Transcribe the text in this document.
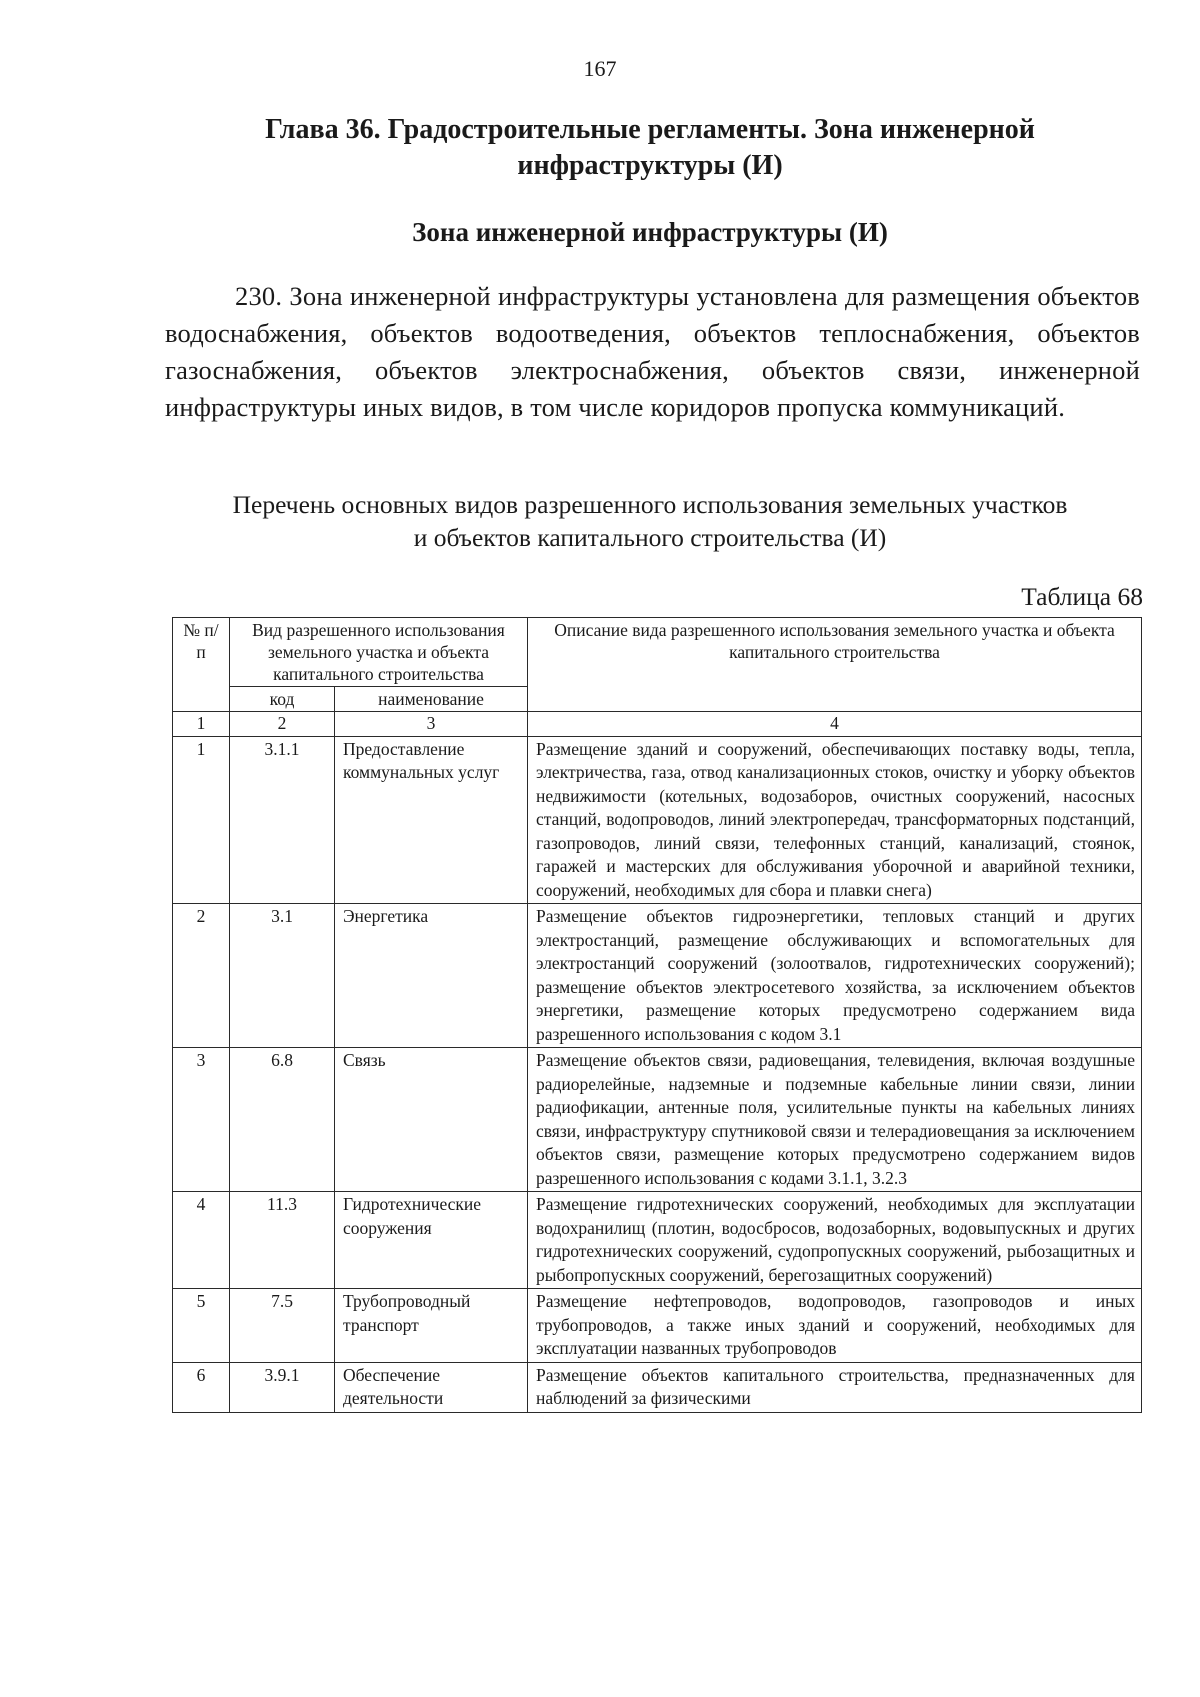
167
Глава 36. Градостроительные регламенты. Зона инженерной инфраструктуры (И)
Зона инженерной инфраструктуры (И)
230. Зона инженерной инфраструктуры установлена для размещения объектов водоснабжения, объектов водоотведения, объектов теплоснабжения, объектов газоснабжения, объектов электроснабжения, объектов связи, инженерной инфраструктуры иных видов, в том числе коридоров пропуска коммуникаций.
Перечень основных видов разрешенного использования земельных участков
и объектов капитального строительства (И)
Таблица 68
№ п/п	Вид разрешенного использования земельного участка и объекта капитального строительства		Описание вида разрешенного использования земельного участка и объекта капитального строительства
	код	наименование	
1	2	3	4
1	3.1.1	Предоставление коммунальных услуг	Размещение зданий и сооружений, обеспечивающих поставку воды, тепла, электричества, газа, отвод канализационных стоков, очистку и уборку объектов недвижимости (котельных, водозаборов, очистных сооружений, насосных станций, водопроводов, линий электропередач, трансформаторных подстанций, газопроводов, линий связи, телефонных станций, канализаций, стоянок, гаражей и мастерских для обслуживания уборочной и аварийной техники, сооружений, необходимых для сбора и плавки снега)
2	3.1	Энергетика	Размещение объектов гидроэнергетики, тепловых станций и других электростанций, размещение обслуживающих и вспомогательных для электростанций сооружений (золоотвалов, гидротехнических сооружений); размещение объектов электросетевого хозяйства, за исключением объектов энергетики, размещение которых предусмотрено содержанием вида разрешенного использования с кодом 3.1
3	6.8	Связь	Размещение объектов связи, радиовещания, телевидения, включая воздушные радиорелейные, надземные и подземные кабельные линии связи, линии радиофикации, антенные поля, усилительные пункты на кабельных линиях связи, инфраструктуру спутниковой связи и телерадиовещания за исключением объектов связи, размещение которых предусмотрено содержанием видов разрешенного использования с кодами 3.1.1, 3.2.3
4	11.3	Гидротехнические сооружения	Размещение гидротехнических сооружений, необходимых для эксплуатации водохранилищ (плотин, водосбросов, водозаборных, водовыпускных и других гидротехнических сооружений, судопропускных сооружений, рыбозащитных и рыбопропускных сооружений, берегозащитных сооружений)
5	7.5	Трубопроводный транспорт	Размещение нефтепроводов, водопроводов, газопроводов и иных трубопроводов, а также иных зданий и сооружений, необходимых для эксплуатации названных трубопроводов
6	3.9.1	Обеспечение деятельности	Размещение объектов капитального строительства, предназначенных для наблюдений за физическими
